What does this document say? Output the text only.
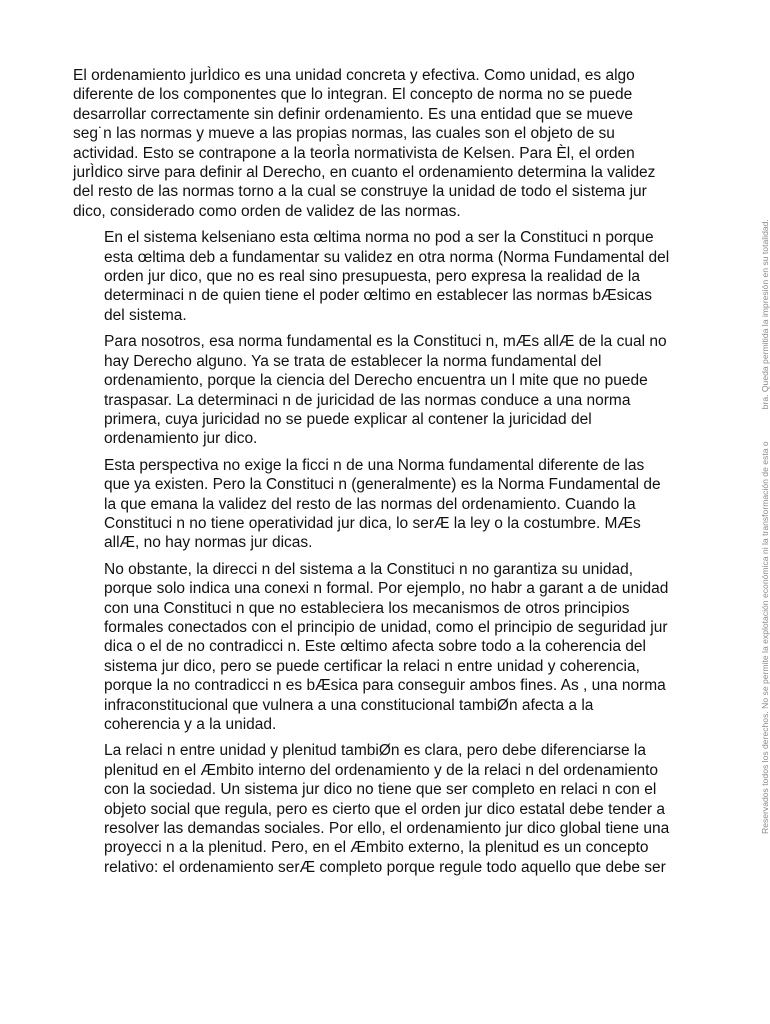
El ordenamiento jurÌdico es una unidad concreta y efectiva. Como unidad, es algo diferente de los componentes que lo integran. El concepto de norma no se puede desarrollar correctamente sin definir ordenamiento. Es una entidad que se mueve seg˙n las normas y mueve a las propias normas, las cuales son el objeto de su actividad. Esto se contrapone a la teorÌa normativista de Kelsen. Para Èl, el orden jurÌdico sirve para definir al Derecho, en cuanto el ordenamiento determina la validez del resto de las normas torno a la cual se construye la unidad de todo el sistema jur dico, considerado como orden de validez de las normas.

En el sistema kelseniano esta œltima norma no pod a ser la Constituci n porque esta œltima deb a fundamentar su validez en otra norma (Norma Fundamental del orden jur dico, que no es real sino presupuesta, pero expresa la realidad de la determinaci n de quien tiene el poder œltimo en establecer las normas bÆsicas del sistema.

Para nosotros, esa norma fundamental es la Constituci n, mÆs allÆ de la cual no hay Derecho alguno. Ya se trata de establecer la norma fundamental del ordenamiento, porque la ciencia del Derecho encuentra un l mite que no puede traspasar. La determinaci n de juricidad de las normas conduce a una norma primera, cuya juricidad no se puede explicar al contener la juricidad del ordenamiento jur dico.

Esta perspectiva no exige la ficci n de una Norma fundamental diferente de las que ya existen. Pero la Constituci n (generalmente) es la Norma Fundamental de la que emana la validez del resto de las normas del ordenamiento. Cuando la Constituci n no tiene operatividad jur dica, lo serÆ la ley o la costumbre. MÆs allÆ, no hay normas jur dicas.

No obstante, la direcci n del sistema a la Constituci n no garantiza su unidad, porque solo indica una conexi n formal. Por ejemplo, no habr a garant a de unidad con una Constituci n que no estableciera los mecanismos de otros principios formales conectados con el principio de unidad, como el principio de seguridad jur dica o el de no contradicci n. Este œltimo afecta sobre todo a la coherencia del sistema jur dico, pero se puede certificar la relaci n entre unidad y coherencia, porque la no contradicci n es bÆsica para conseguir ambos fines. As , una norma infraconstitucional que vulnera a una constitucional tambiØn afecta a la coherencia y a la unidad.

La relaci n entre unidad y plenitud tambiØn es clara, pero debe diferenciarse la plenitud en el Æmbito interno del ordenamiento y de la relaci n del ordenamiento con la sociedad. Un sistema jur dico no tiene que ser completo en relaci n con el objeto social que regula, pero es cierto que el orden jur dico estatal debe tender a resolver las demandas sociales. Por ello, el ordenamiento jur dico global tiene una proyecci n a la plenitud. Pero, en el Æmbito externo, la plenitud es un concepto relativo: el ordenamiento serÆ completo porque regule todo aquello que debe ser

Reservados todos los derechos. No se permite la explotación económica ni la transformación de esta obra. Queda permitida la impresión en su totalidad.
